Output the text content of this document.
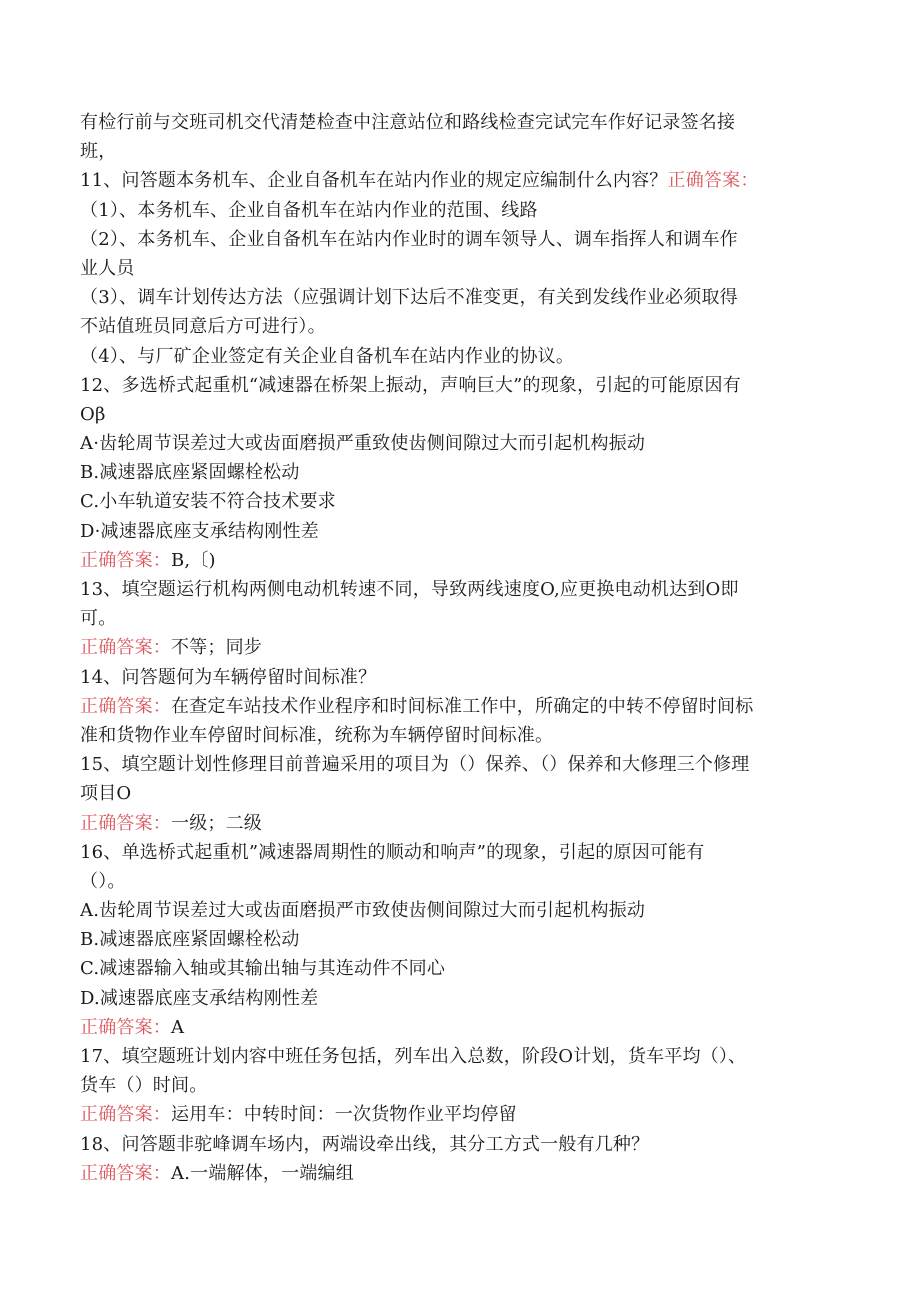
有检行前与交班司机交代清楚检查中注意站位和路线检查完试完车作好记录签名接
班，
11、问答题本务机车、企业自备机车在站内作业的规定应编制什么内容？正确答案：
（1）、本务机车、企业自备机车在站内作业的范围、线路
（2）、本务机车、企业自备机车在站内作业时的调车领导人、调车指挥人和调车作
业人员
（3）、调车计划传达方法（应强调计划下达后不准变更，有关到发线作业必须取得
不站值班员同意后方可进行）。
（4）、与厂矿企业签定有关企业自备机车在站内作业的协议。
12、多选桥式起重机“减速器在桥架上振动，声响巨大”的现象，引起的可能原因有
Oβ
A·齿轮周节误差过大或齿面磨损严重致使齿侧间隙过大而引起机构振动
B.减速器底座紧固螺栓松动
C.小车轨道安装不符合技术要求
D·减速器底座支承结构刚性差
正确答案：B,〔)
13、填空题运行机构两侧电动机转速不同，导致两线速度O,应更换电动机达到O即
可。
正确答案：不等；同步
14、问答题何为车辆停留时间标准？
正确答案：在查定车站技术作业程序和时间标准工作中，所确定的中转不停留时间标
准和货物作业车停留时间标准，统称为车辆停留时间标准。
15、填空题计划性修理目前普遍采用的项目为（）保养、（）保养和大修理三个修理
项目O
正确答案：一级；二级
16、单选桥式起重机”减速器周期性的顺动和响声”的现象，引起的原因可能有
（）。
A.齿轮周节误差过大或齿面磨损严市致使齿侧间隙过大而引起机构振动
B.减速器底座紧固螺栓松动
C.减速器输入轴或其输出轴与其连动件不同心
D.减速器底座支承结构刚性差
正确答案：A
17、填空题班计划内容中班任务包括，列车出入总数，阶段O计划，货车平均（）、
货车（）时间。
正确答案：运用车：中转时间：一次货物作业平均停留
18、问答题非驼峰调车场内，两端设牵出线，其分工方式一般有几种？
正确答案：A.一端解体，一端编组
